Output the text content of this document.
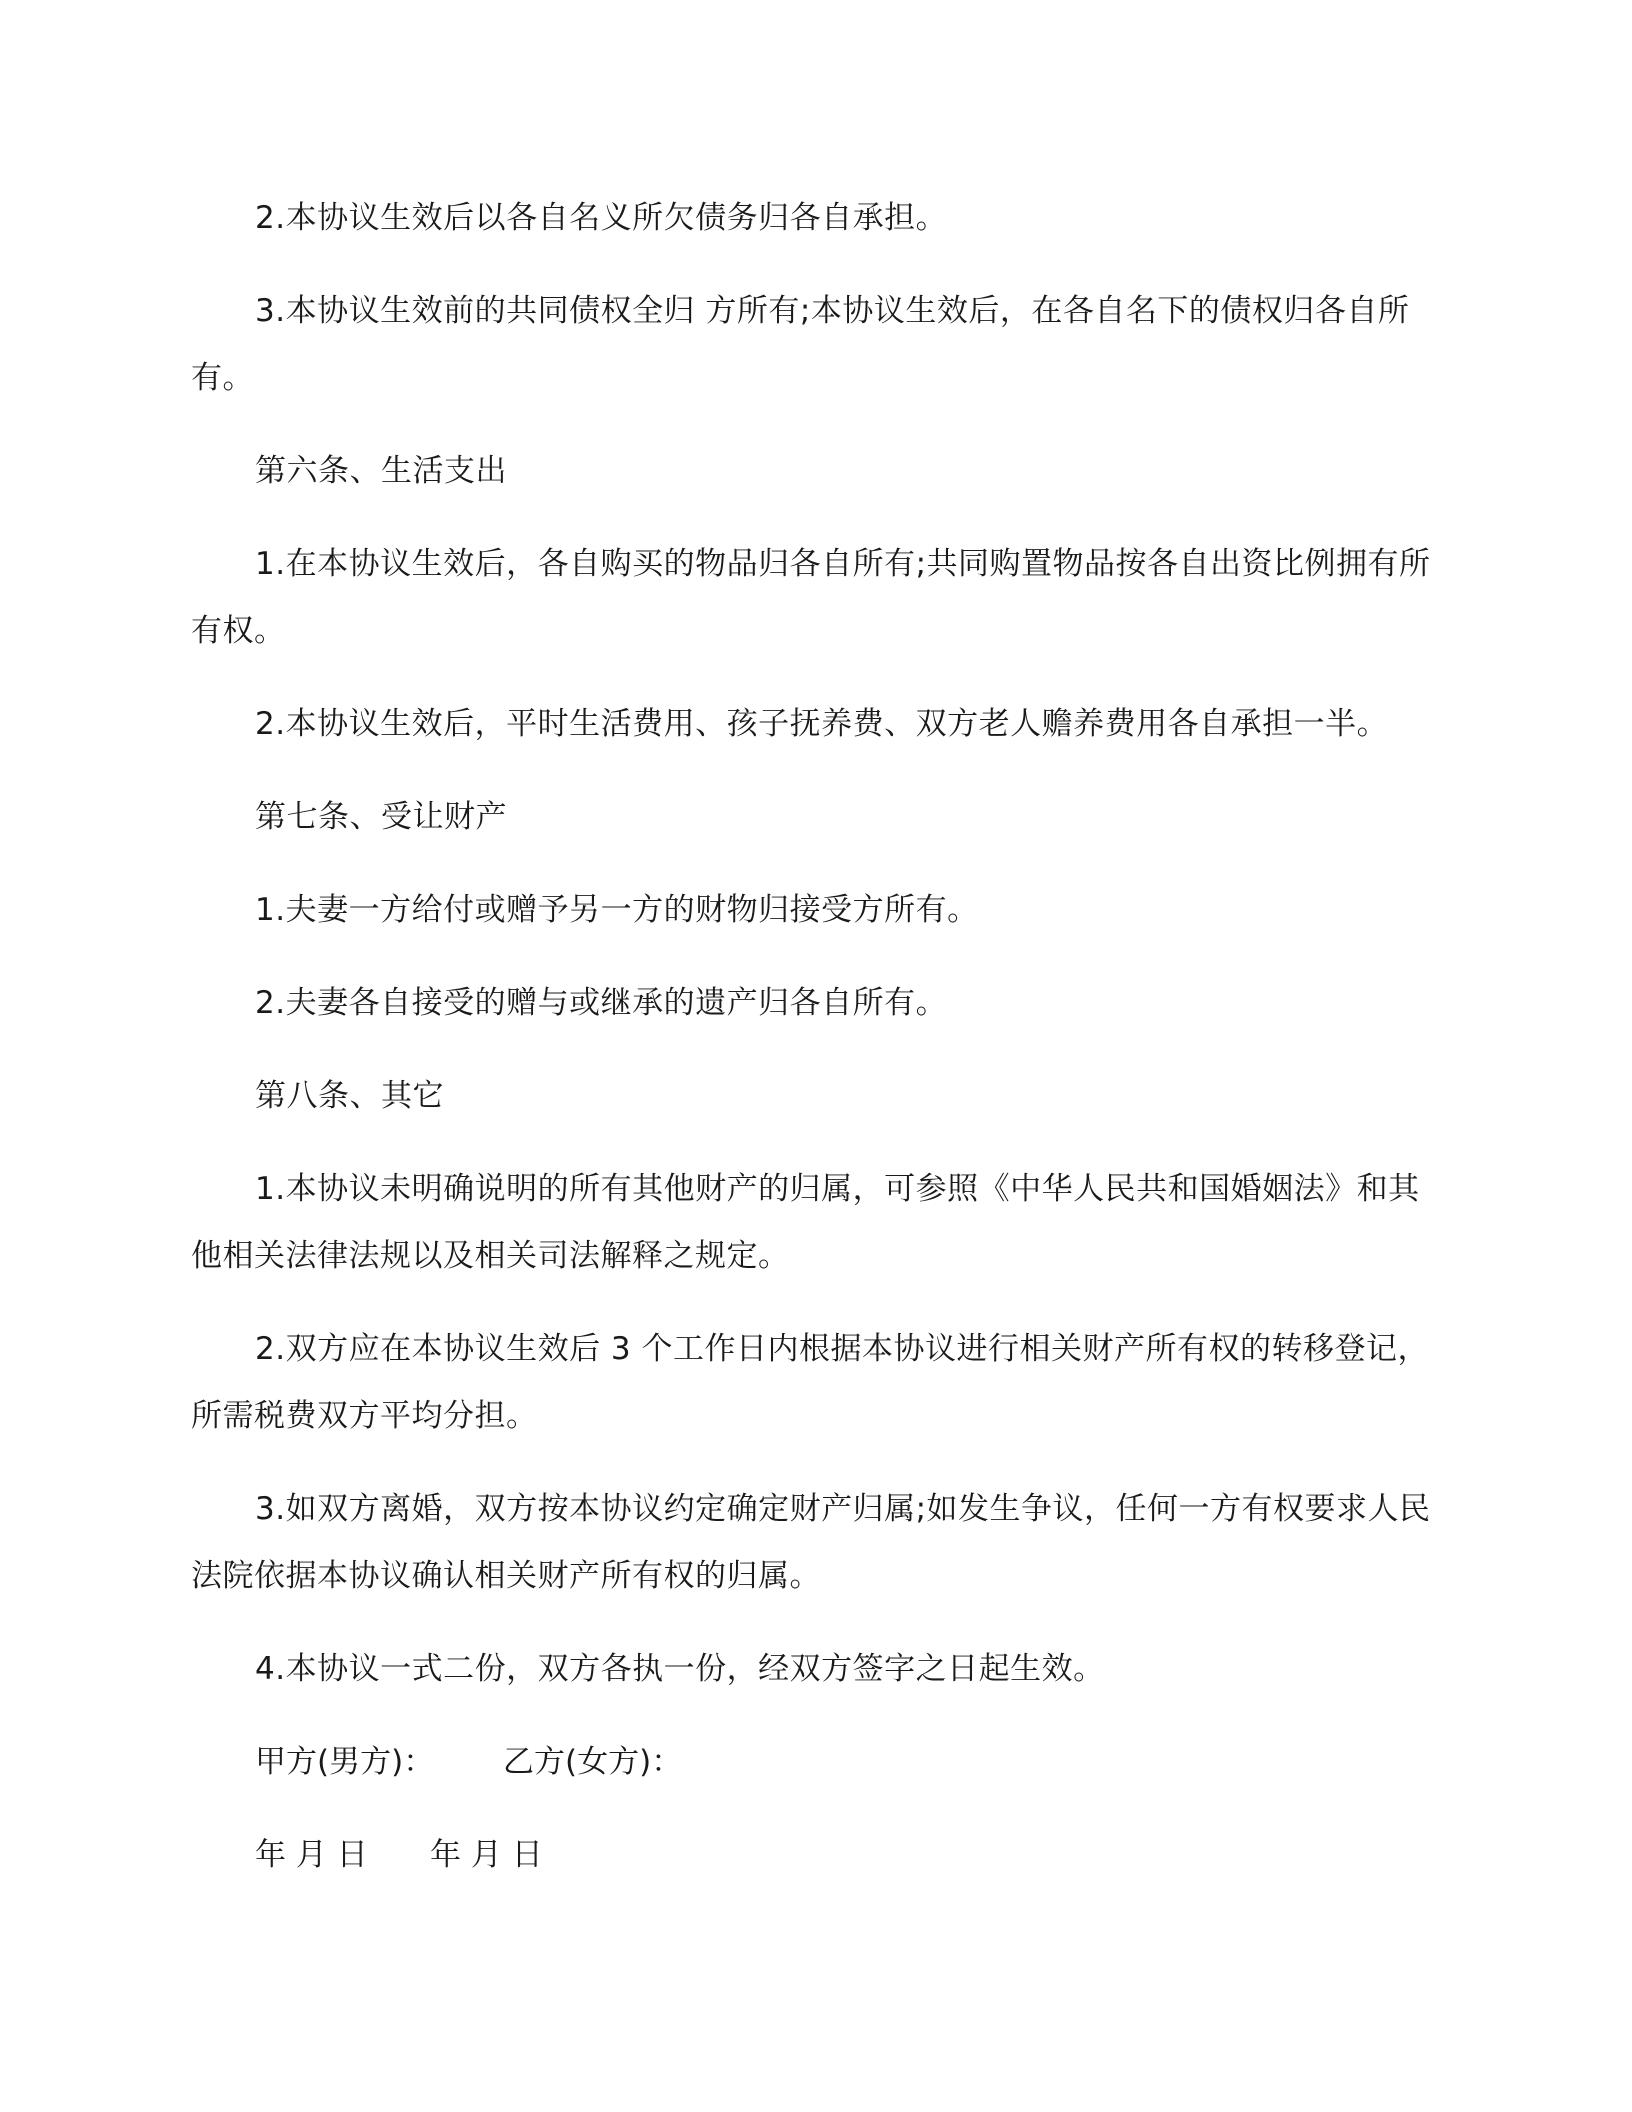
2.本协议生效后以各自名义所欠债务归各自承担。

3.本协议生效前的共同债权全归 方所有;本协议生效后，在各自名下的债权归各自所有。

第六条、生活支出

1.在本协议生效后，各自购买的物品归各自所有;共同购置物品按各自出资比例拥有所有权。

2.本协议生效后，平时生活费用、孩子抚养费、双方老人赡养费用各自承担一半。

第七条、受让财产

1.夫妻一方给付或赠予另一方的财物归接受方所有。

2.夫妻各自接受的赠与或继承的遗产归各自所有。

第八条、其它

1.本协议未明确说明的所有其他财产的归属，可参照《中华人民共和国婚姻法》和其他相关法律法规以及相关司法解释之规定。

2.双方应在本协议生效后 3 个工作日内根据本协议进行相关财产所有权的转移登记，所需税费双方平均分担。

3.如双方离婚，双方按本协议约定确定财产归属;如发生争议，任何一方有权要求人民法院依据本协议确认相关财产所有权的归属。

4.本协议一式二份，双方各执一份，经双方签字之日起生效。

甲方(男方)： 乙方(女方)：
年 月 日 年 月 日
